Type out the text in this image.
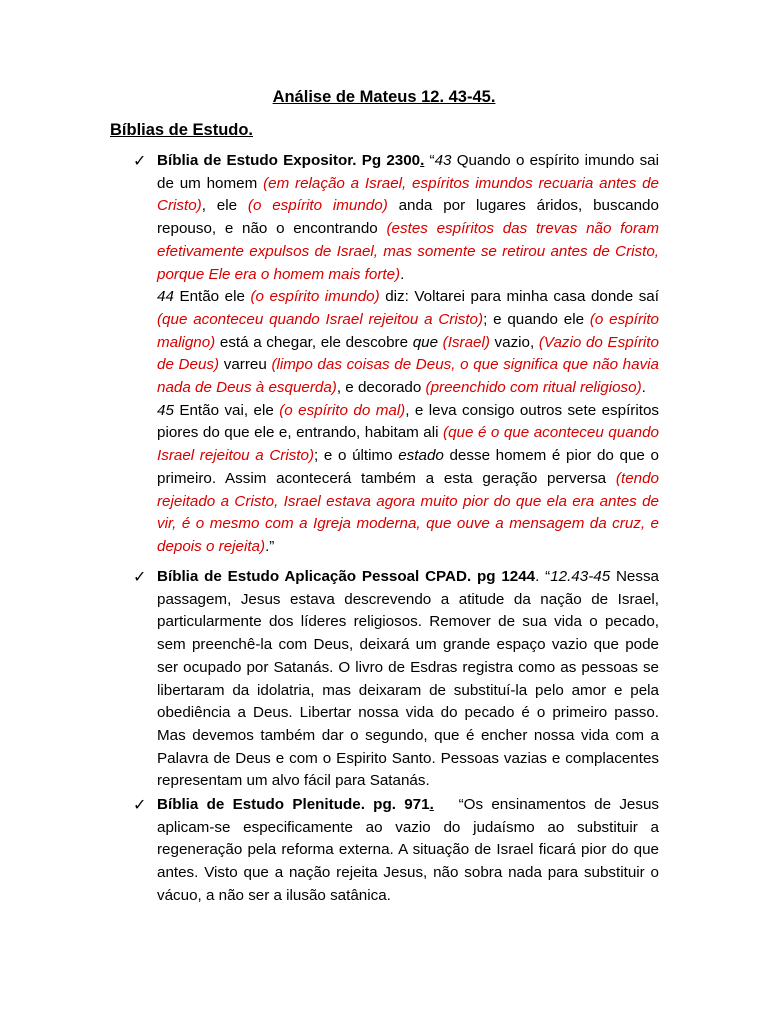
Análise de Mateus 12. 43-45.
Bíblias de Estudo.
✓ Bíblia de Estudo Expositor. Pg 2300. “43 Quando o espírito imundo sai de um homem (em relação a Israel, espíritos imundos recuaria antes de Cristo), ele (o espírito imundo) anda por lugares áridos, buscando repouso, e não o encontrando (estes espíritos das trevas não foram efetivamente expulsos de Israel, mas somente se retirou antes de Cristo, porque Ele era o homem mais forte).

44 Então ele (o espírito imundo) diz: Voltarei para minha casa donde saí (que aconteceu quando Israel rejeitou a Cristo); e quando ele (o espírito maligno) está a chegar, ele descobre que (Israel) vazio, (Vazio do Espírito de Deus) varreu (limpo das coisas de Deus, o que significa que não havia nada de Deus à esquerda), e decorado (preenchido com ritual religioso).

45 Então vai, ele (o espírito do mal), e leva consigo outros sete espíritos piores do que ele e, entrando, habitam ali (que é o que aconteceu quando Israel rejeitou a Cristo); e o último estado desse homem é pior do que o primeiro. Assim acontecerá também a esta geração perversa (tendo rejeitado a Cristo, Israel estava agora muito pior do que ela era antes de vir, é o mesmo com a Igreja moderna, que ouve a mensagem da cruz, e depois o rejeita).”

✓ Bíblia de Estudo Aplicação Pessoal CPAD. pg 1244. “12.43-45 Nessa passagem, Jesus estava descrevendo a atitude da nação de Israel, particularmente dos líderes religiosos. Remover de sua vida o pecado, sem preenchê-la com Deus, deixará um grande espaço vazio que pode ser ocupado por Satanás. O livro de Esdras registra como as pessoas se libertaram da idolatria, mas deixaram de substituí-la pelo amor e pela obediência a Deus. Libertar nossa vida do pecado é o primeiro passo. Mas devemos também dar o segundo, que é encher nossa vida com a Palavra de Deus e com o Espirito Santo. Pessoas vazias e complacentes representam um alvo fácil para Satanás.

✓ Bíblia de Estudo Plenitude. pg. 971. “Os ensinamentos de Jesus aplicam-se especificamente ao vazio do judaísmo ao substituir a regeneração pela reforma externa. A situação de Israel ficará pior do que antes. Visto que a nação rejeita Jesus, não sobra nada para substituir o vácuo, a não ser a ilusão satânica.
